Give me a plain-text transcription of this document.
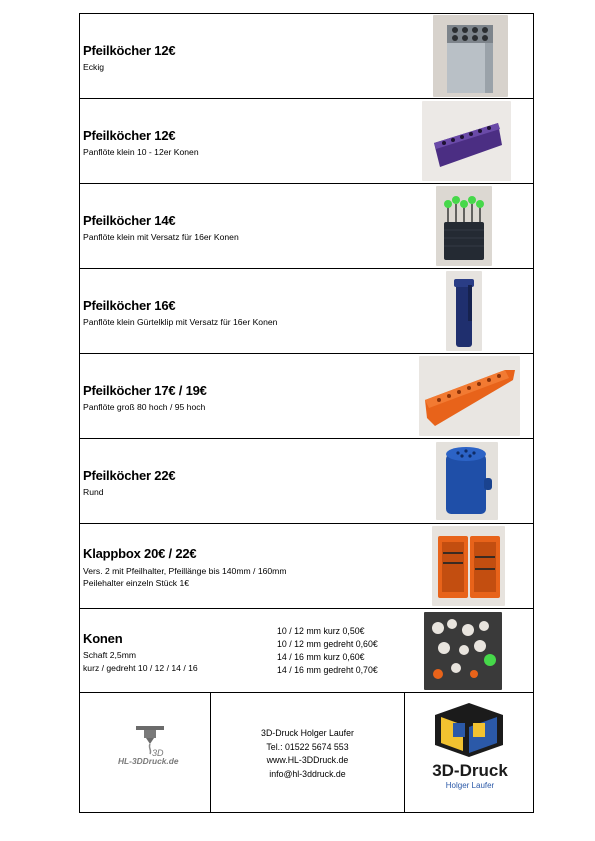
Pfeilköcher 12€
Eckig
Pfeilköcher 12€
Panflöte klein 10 - 12er Konen
Pfeilköcher 14€
Panflöte klein mit Versatz für 16er Konen
Pfeilköcher 16€
Panflöte klein Gürtelklip mit Versatz für 16er Konen
Pfeilköcher 17€ / 19€
Panflöte groß 80 hoch / 95 hoch
Pfeilköcher 22€
Rund
Klappbox 20€ / 22€
Vers. 2 mit Pfeilhalter, Pfeillänge bis 140mm / 160mm
Peilehalter einzeln Stück 1€
Konen
Schaft 2,5mm
kurz / gedreht 10 / 12 / 14 / 16
10 / 12 mm kurz 0,50€
10 / 12 mm gedreht 0,60€
14 / 16 mm kurz 0,60€
14 / 16 mm gedreht 0,70€
3D
HL-3DDruck.de
3D-Druck Holger Laufer
Tel.: 01522 5674 553
www.HL-3DDruck.de
info@hl-3ddruck.de	3D-Druck
Holger Laufer
